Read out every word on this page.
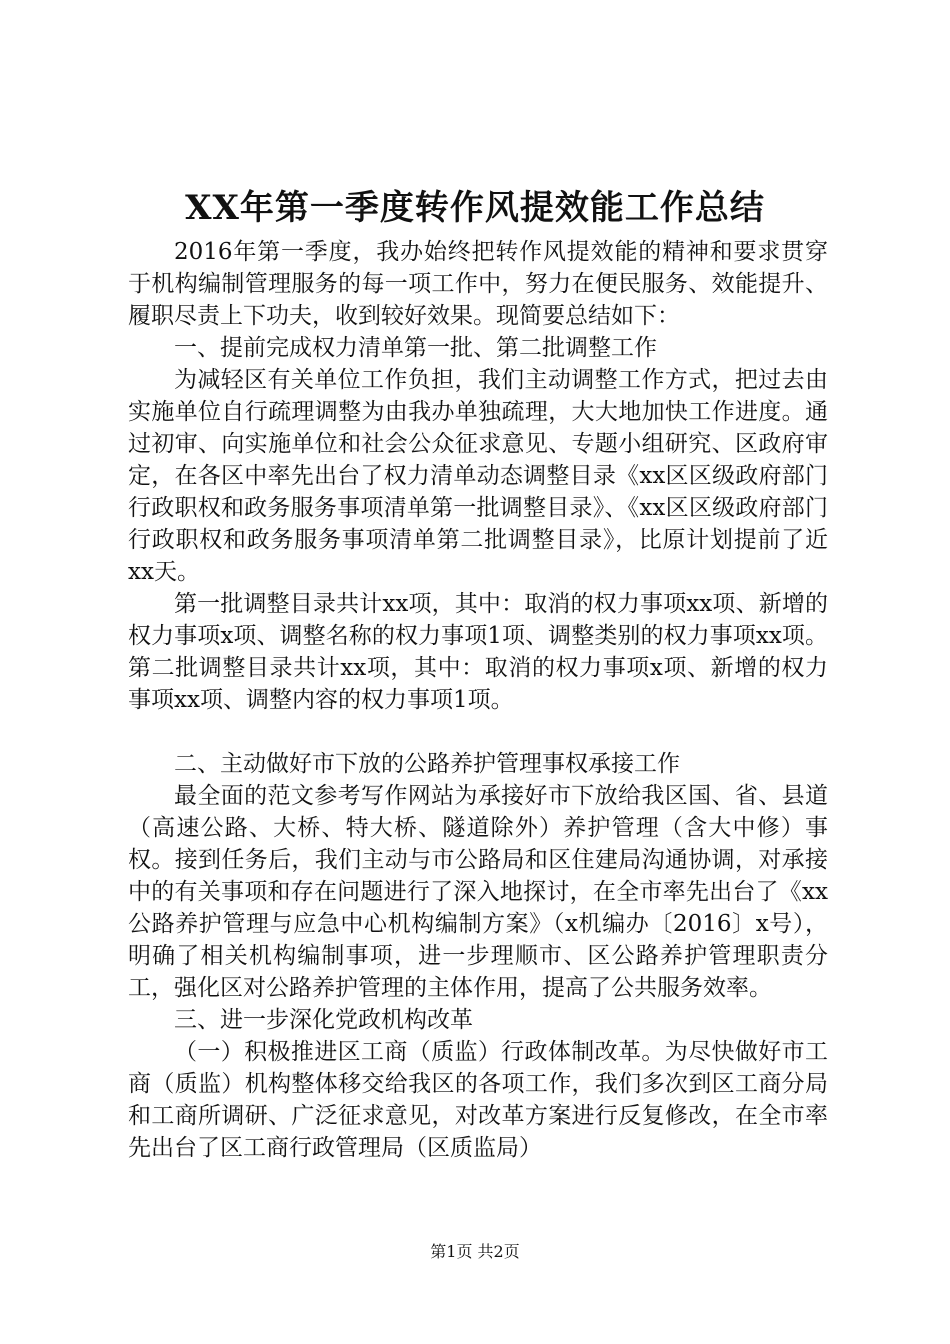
XX年第一季度转作风提效能工作总结

2016年第一季度，我办始终把转作风提效能的精神和要求贯穿于机构编制管理服务的每一项工作中，努力在便民服务、效能提升、履职尽责上下功夫，收到较好效果。现简要总结如下：

一、提前完成权力清单第一批、第二批调整工作

为减轻区有关单位工作负担，我们主动调整工作方式，把过去由实施单位自行疏理调整为由我办单独疏理，大大地加快工作进度。通过初审、向实施单位和社会公众征求意见、专题小组研究、区政府审定，在各区中率先出台了权力清单动态调整目录《xx区区级政府部门行政职权和政务服务事项清单第一批调整目录》、《xx区区级政府部门行政职权和政务服务事项清单第二批调整目录》，比原计划提前了近xx天。

第一批调整目录共计xx项，其中：取消的权力事项xx项、新增的权力事项x项、调整名称的权力事项1项、调整类别的权力事项xx项。第二批调整目录共计xx项，其中：取消的权力事项x项、新增的权力事项xx项、调整内容的权力事项1项。

二、主动做好市下放的公路养护管理事权承接工作

最全面的范文参考写作网站为承接好市下放给我区国、省、县道（高速公路、大桥、特大桥、隧道除外）养护管理（含大中修）事权。接到任务后，我们主动与市公路局和区住建局沟通协调，对承接中的有关事项和存在问题进行了深入地探讨，在全市率先出台了《xx公路养护管理与应急中心机构编制方案》（x机编办〔2016〕x号），明确了相关机构编制事项，进一步理顺市、区公路养护管理职责分工，强化区对公路养护管理的主体作用，提高了公共服务效率。

三、进一步深化党政机构改革

（一）积极推进区工商（质监）行政体制改革。为尽快做好市工商（质监）机构整体移交给我区的各项工作，我们多次到区工商分局和工商所调研、广泛征求意见，对改革方案进行反复修改，在全市率先出台了区工商行政管理局（区质监局）

第1页 共2页
